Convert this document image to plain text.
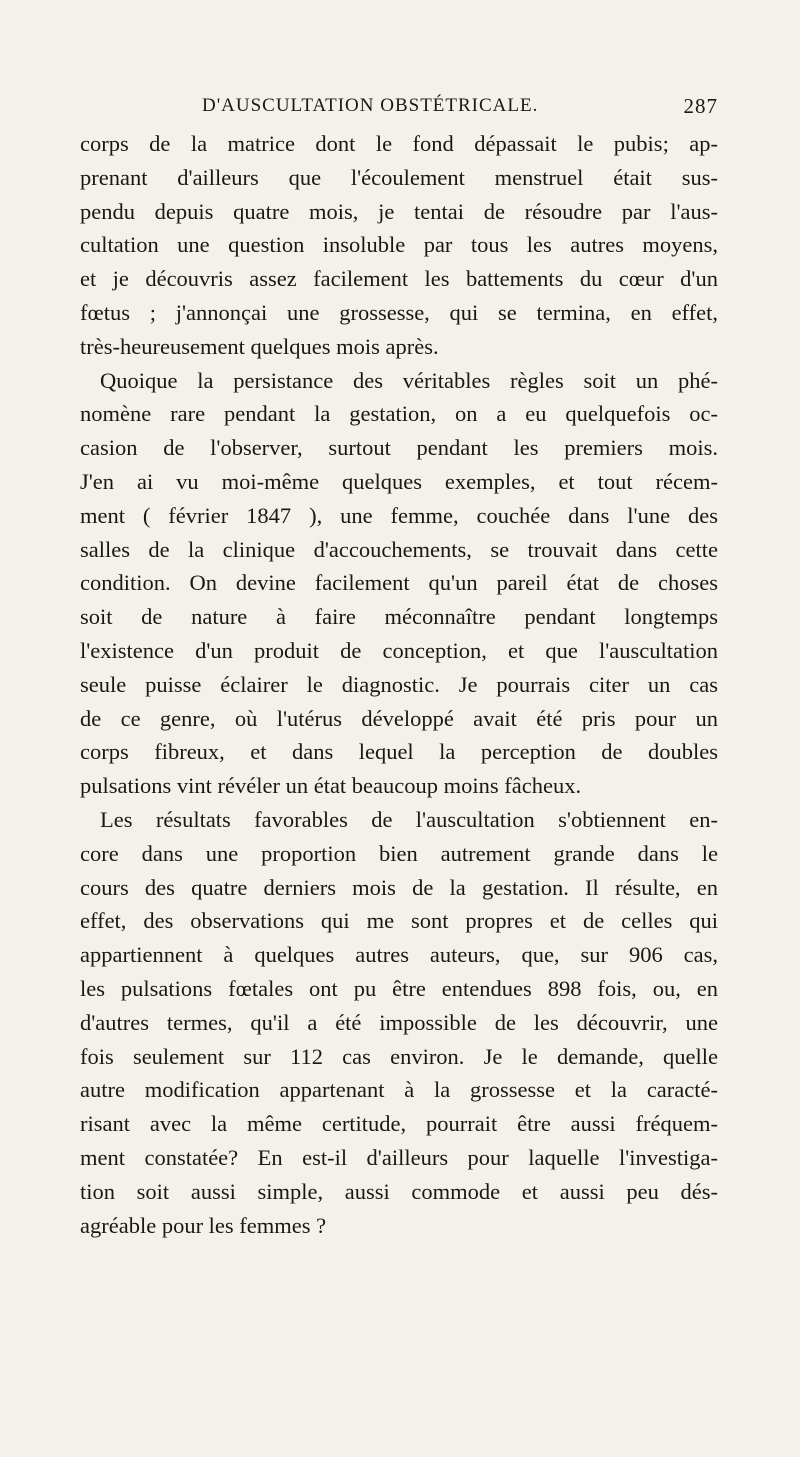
D'AUSCULTATION OBSTÉTRICALE.	287
corps de la matrice dont le fond dépassait le pubis; ap-
prenant d'ailleurs que l'écoulement menstruel était sus-
pendu depuis quatre mois, je tentai de résoudre par l'aus-
cultation une question insoluble par tous les autres moyens,
et je découvris assez facilement les battements du cœur d'un
fœtus ; j'annonçai une grossesse, qui se termina, en effet,
très-heureusement quelques mois après.
Quoique la persistance des véritables règles soit un phé-
nomène rare pendant la gestation, on a eu quelquefois oc-
casion de l'observer, surtout pendant les premiers mois.
J'en ai vu moi-même quelques exemples, et tout récem-
ment ( février 1847 ), une femme, couchée dans l'une des
salles de la clinique d'accouchements, se trouvait dans cette
condition. On devine facilement qu'un pareil état de choses
soit de nature à faire méconnaître pendant longtemps
l'existence d'un produit de conception, et que l'auscultation
seule puisse éclairer le diagnostic. Je pourrais citer un cas
de ce genre, où l'utérus développé avait été pris pour un
corps fibreux, et dans lequel la perception de doubles
pulsations vint révéler un état beaucoup moins fâcheux.
Les résultats favorables de l'auscultation s'obtiennent en-
core dans une proportion bien autrement grande dans le
cours des quatre derniers mois de la gestation. Il résulte, en
effet, des observations qui me sont propres et de celles qui
appartiennent à quelques autres auteurs, que, sur 906 cas,
les pulsations fœtales ont pu être entendues 898 fois, ou, en
d'autres termes, qu'il a été impossible de les découvrir, une
fois seulement sur 112 cas environ. Je le demande, quelle
autre modification appartenant à la grossesse et la caracté-
risant avec la même certitude, pourrait être aussi fréquem-
ment constatée? En est-il d'ailleurs pour laquelle l'investiga-
tion soit aussi simple, aussi commode et aussi peu dés-
agréable pour les femmes ?
